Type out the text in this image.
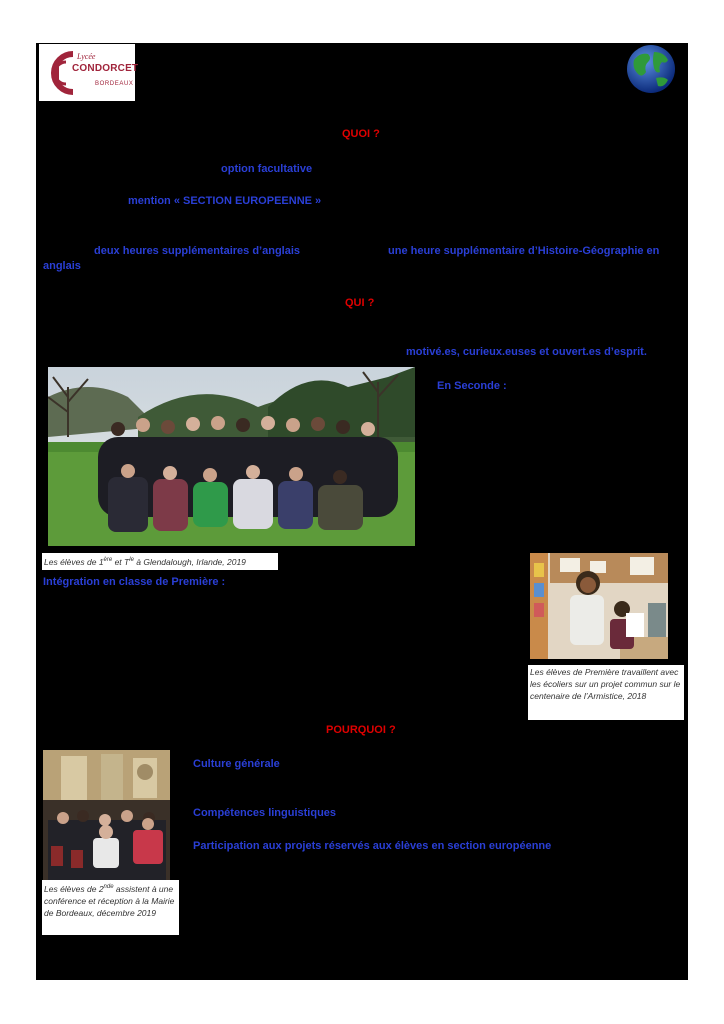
Lycée
CONDORCET
BORDEAUX
QUOI ?
option facultative
mention « SECTION EUROPEENNE »
deux heures supplémentaires d’anglais	une heure supplémentaire d’Histoire-Géographie en
anglais
QUI ?
motivé.es, curieux.euses et ouvert.es d’esprit.
En Seconde :
Les élèves de 1ère et $T^{le}$ à Glendalough, Irlande, 2019
Intégration en classe de Première :
Les élèves de Première travaillent avec les écoliers sur un projet commun sur le centenaire de l’Armistice, 2018
POURQUOI ?
Les élèves de 2nde assistent à une conférence et réception à la Mairie de Bordeaux, décembre 2019
Culture générale
Compétences linguistiques
Participation aux projets réservés aux élèves en section européenne
